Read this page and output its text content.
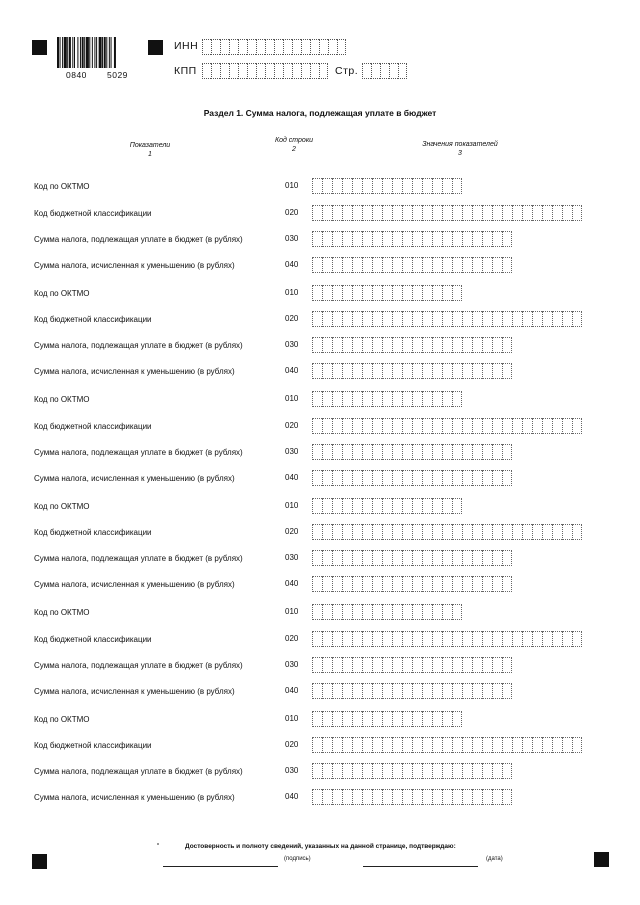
0840 5029
ИНН
КПП	Стр.
Раздел 1. Сумма налога, подлежащая уплате в бюджет
Показатели
1
Код строки
2
Значения показателей
3
Код по ОКТМО	010
Код бюджетной классификации	020
Сумма налога, подлежащая уплате в бюджет (в рублях)	030
Сумма налога, исчисленная к уменьшению (в рублях)	040
Код по ОКТМО	010
Код бюджетной классификации	020
Сумма налога, подлежащая уплате в бюджет (в рублях)	030
Сумма налога, исчисленная к уменьшению (в рублях)	040
Код по ОКТМО	010
Код бюджетной классификации	020
Сумма налога, подлежащая уплате в бюджет (в рублях)	030
Сумма налога, исчисленная к уменьшению (в рублях)	040
Код по ОКТМО	010
Код бюджетной классификации	020
Сумма налога, подлежащая уплате в бюджет (в рублях)	030
Сумма налога, исчисленная к уменьшению (в рублях)	040
Код по ОКТМО	010
Код бюджетной классификации	020
Сумма налога, подлежащая уплате в бюджет (в рублях)	030
Сумма налога, исчисленная к уменьшению (в рублях)	040
Код по ОКТМО	010
Код бюджетной классификации	020
Сумма налога, подлежащая уплате в бюджет (в рублях)	030
Сумма налога, исчисленная к уменьшению (в рублях)	040
Достоверность и полноту сведений, указанных на данной странице, подтверждаю:
(подпись)	(дата)
